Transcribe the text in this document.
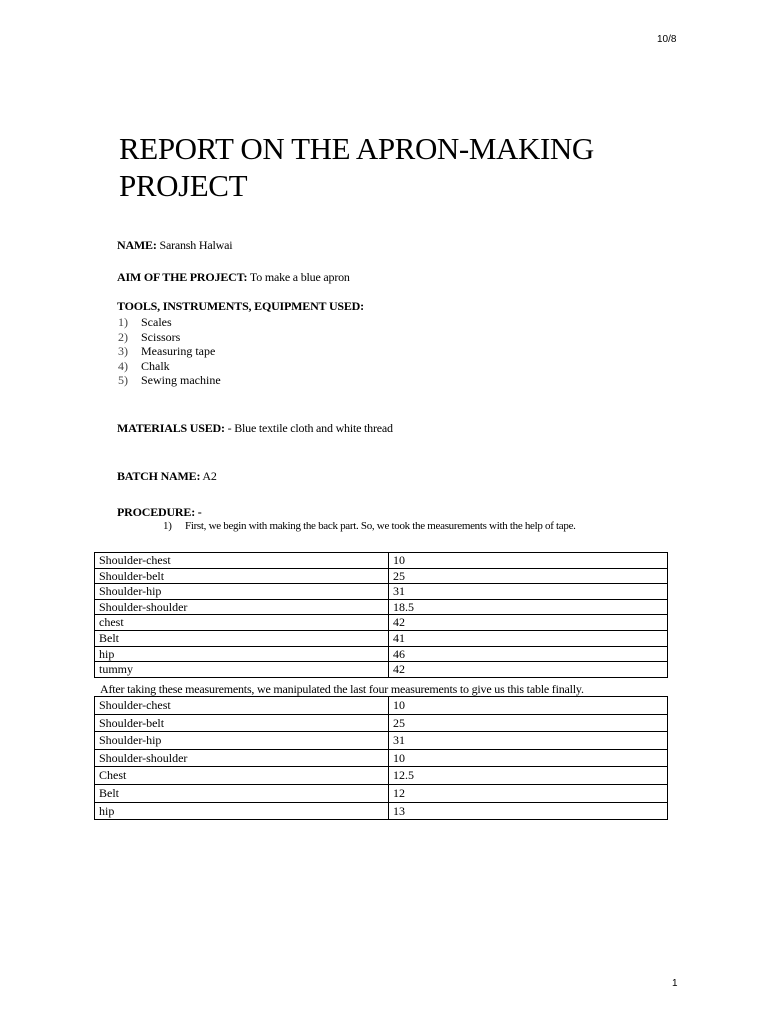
10/8
REPORT ON THE APRON-MAKING PROJECT
NAME: Saransh Halwai
AIM OF THE PROJECT: To make a blue apron
TOOLS, INSTRUMENTS, EQUIPMENT USED:
1)	Scales
2)	Scissors
3)	Measuring tape
4)	Chalk
5)	Sewing machine
MATERIALS USED: - Blue textile cloth and white thread
BATCH NAME: A2
PROCEDURE: -
1)	First, we begin with making the back part. So, we took the measurements with the help of tape.
Shoulder-chest	10
Shoulder-belt	25
Shoulder-hip	31
Shoulder-shoulder	18.5
chest	42
Belt	41
hip	46
tummy	42
After taking these measurements, we manipulated the last four measurements to give us this table finally.
Shoulder-chest	10
Shoulder-belt	25
Shoulder-hip	31
Shoulder-shoulder	10
Chest	12.5
Belt	12
hip	13
1
